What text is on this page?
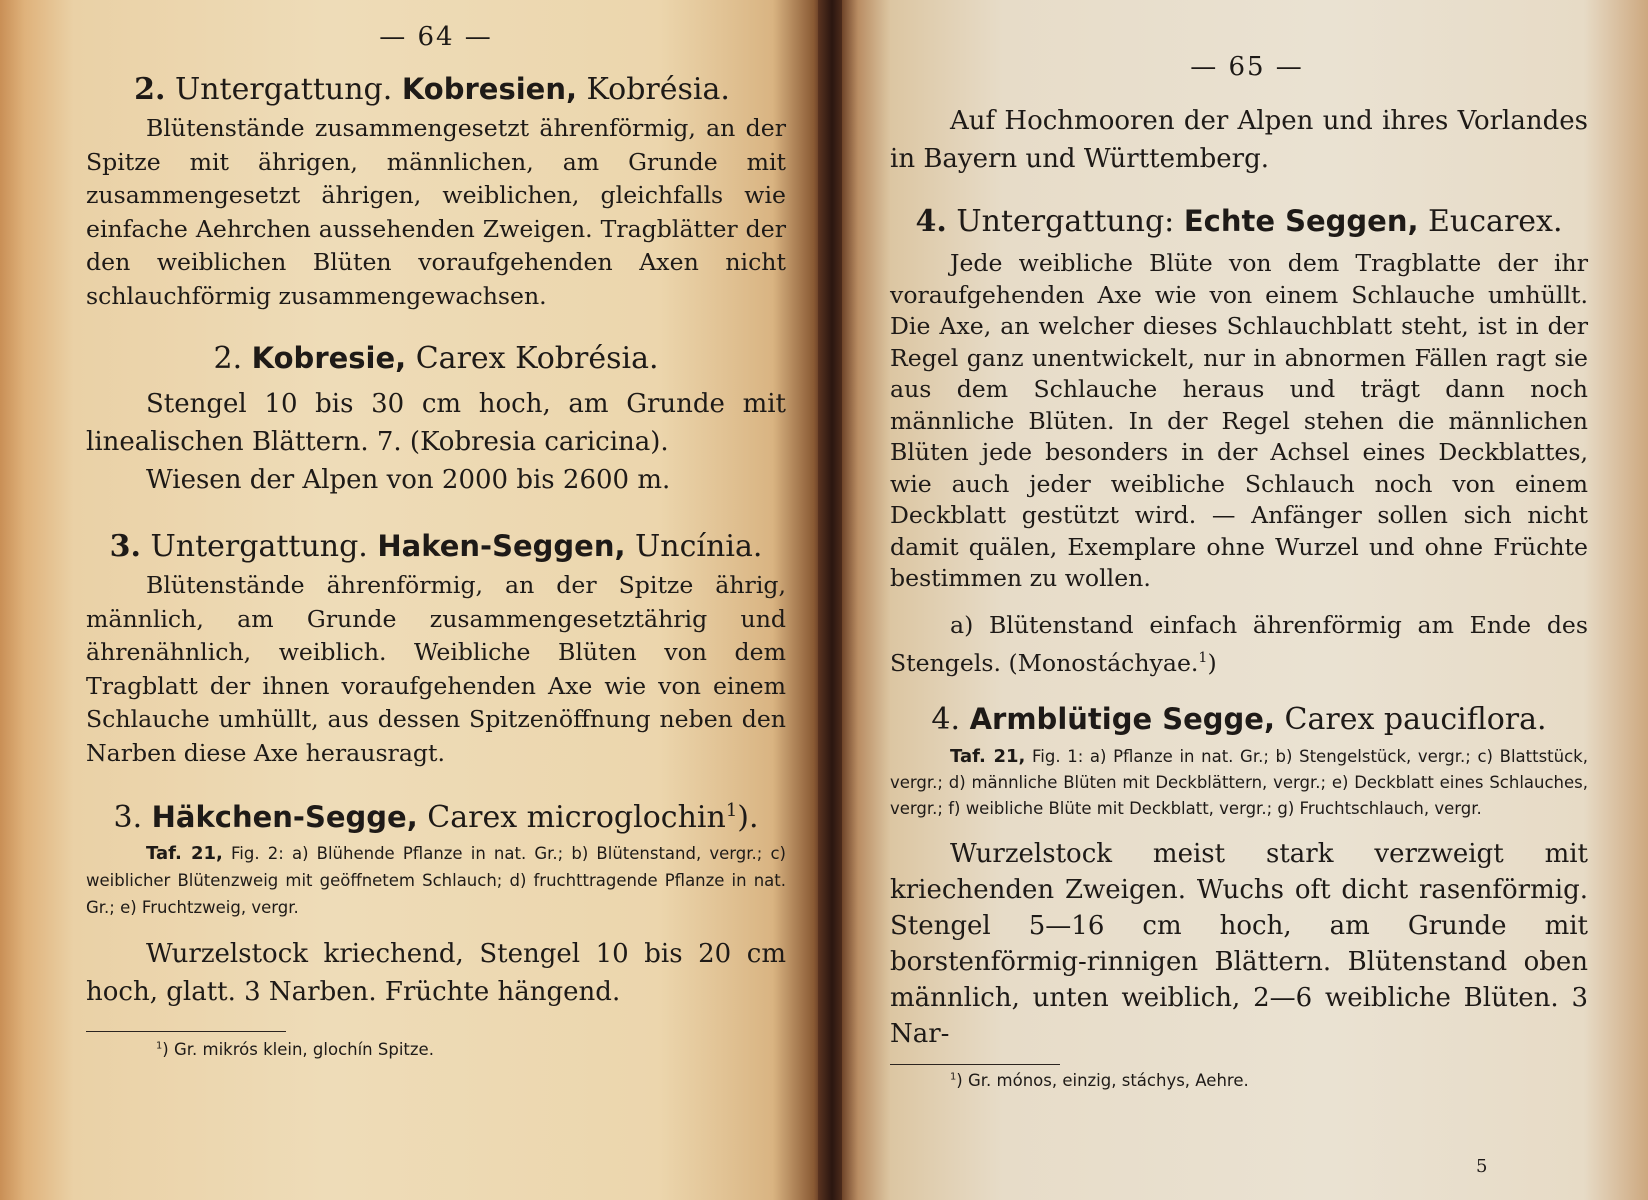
— 64 —
2. Untergattung. Kobresien, Kobrésia.

Blütenstände zusammengesetzt ährenförmig, an der Spitze mit ährigen, männlichen, am Grunde mit zusammengesetzt ährigen, weiblichen, gleichfalls wie einfache Aehrchen aussehenden Zweigen. Tragblätter der den weiblichen Blüten voraufgehenden Axen nicht schlauchförmig zusammengewachsen.

2. Kobresie, Carex Kobrésia.

Stengel 10 bis 30 cm hoch, am Grunde mit linealischen Blättern. 7. (Kobresia caricina).

Wiesen der Alpen von 2000 bis 2600 m.

3. Untergattung. Haken-Seggen, Uncínia.

Blütenstände ährenförmig, an der Spitze ährig, männlich, am Grunde zusammengesetztährig und ährenähnlich, weiblich. Weibliche Blüten von dem Tragblatt der ihnen voraufgehenden Axe wie von einem Schlauche umhüllt, aus dessen Spitzenöffnung neben den Narben diese Axe herausragt.

3. Häkchen-Segge, Carex microglochin$^1$).

Taf. 21, Fig. 2: a) Blühende Pflanze in nat. Gr.; b) Blütenstand, vergr.; c) weiblicher Blütenzweig mit geöffnetem Schlauch; d) fruchttragende Pflanze in nat. Gr.; e) Fruchtzweig, vergr.

Wurzelstock kriechend, Stengel 10 bis 20 cm hoch, glatt. 3 Narben. Früchte hängend.

$^1$) Gr. mikrós klein, glochín Spitze.

— 65 —

Auf Hochmooren der Alpen und ihres Vorlandes in Bayern und Württemberg.

4. Untergattung: Echte Seggen, Eucarex.

Jede weibliche Blüte von dem Tragblatte der ihr voraufgehenden Axe wie von einem Schlauche umhüllt. Die Axe, an welcher dieses Schlauchblatt steht, ist in der Regel ganz unentwickelt, nur in abnormen Fällen ragt sie aus dem Schlauche heraus und trägt dann noch männliche Blüten. In der Regel stehen die männlichen Blüten jede besonders in der Achsel eines Deckblattes, wie auch jeder weibliche Schlauch noch von einem Deckblatt gestützt wird. — Anfänger sollen sich nicht damit quälen, Exemplare ohne Wurzel und ohne Früchte bestimmen zu wollen.

a) Blütenstand einfach ährenförmig am Ende des Stengels. (Monostáchyae.$^1$)

4. Armblütige Segge, Carex pauciflora.

Taf. 21, Fig. 1: a) Pflanze in nat. Gr.; b) Stengelstück, vergr.; c) Blattstück, vergr.; d) männliche Blüten mit Deckblättern, vergr.; e) Deckblatt eines Schlauches, vergr.; f) weibliche Blüte mit Deckblatt, vergr.; g) Fruchtschlauch, vergr.

Wurzelstock meist stark verzweigt mit kriechenden Zweigen. Wuchs oft dicht rasenförmig. Stengel 5—16 cm hoch, am Grunde mit borstenförmig-rinnigen Blättern. Blütenstand oben männlich, unten weiblich, 2—6 weibliche Blüten. 3 Nar-

$^1$) Gr. mónos, einzig, stáchys, Aehre.

5
